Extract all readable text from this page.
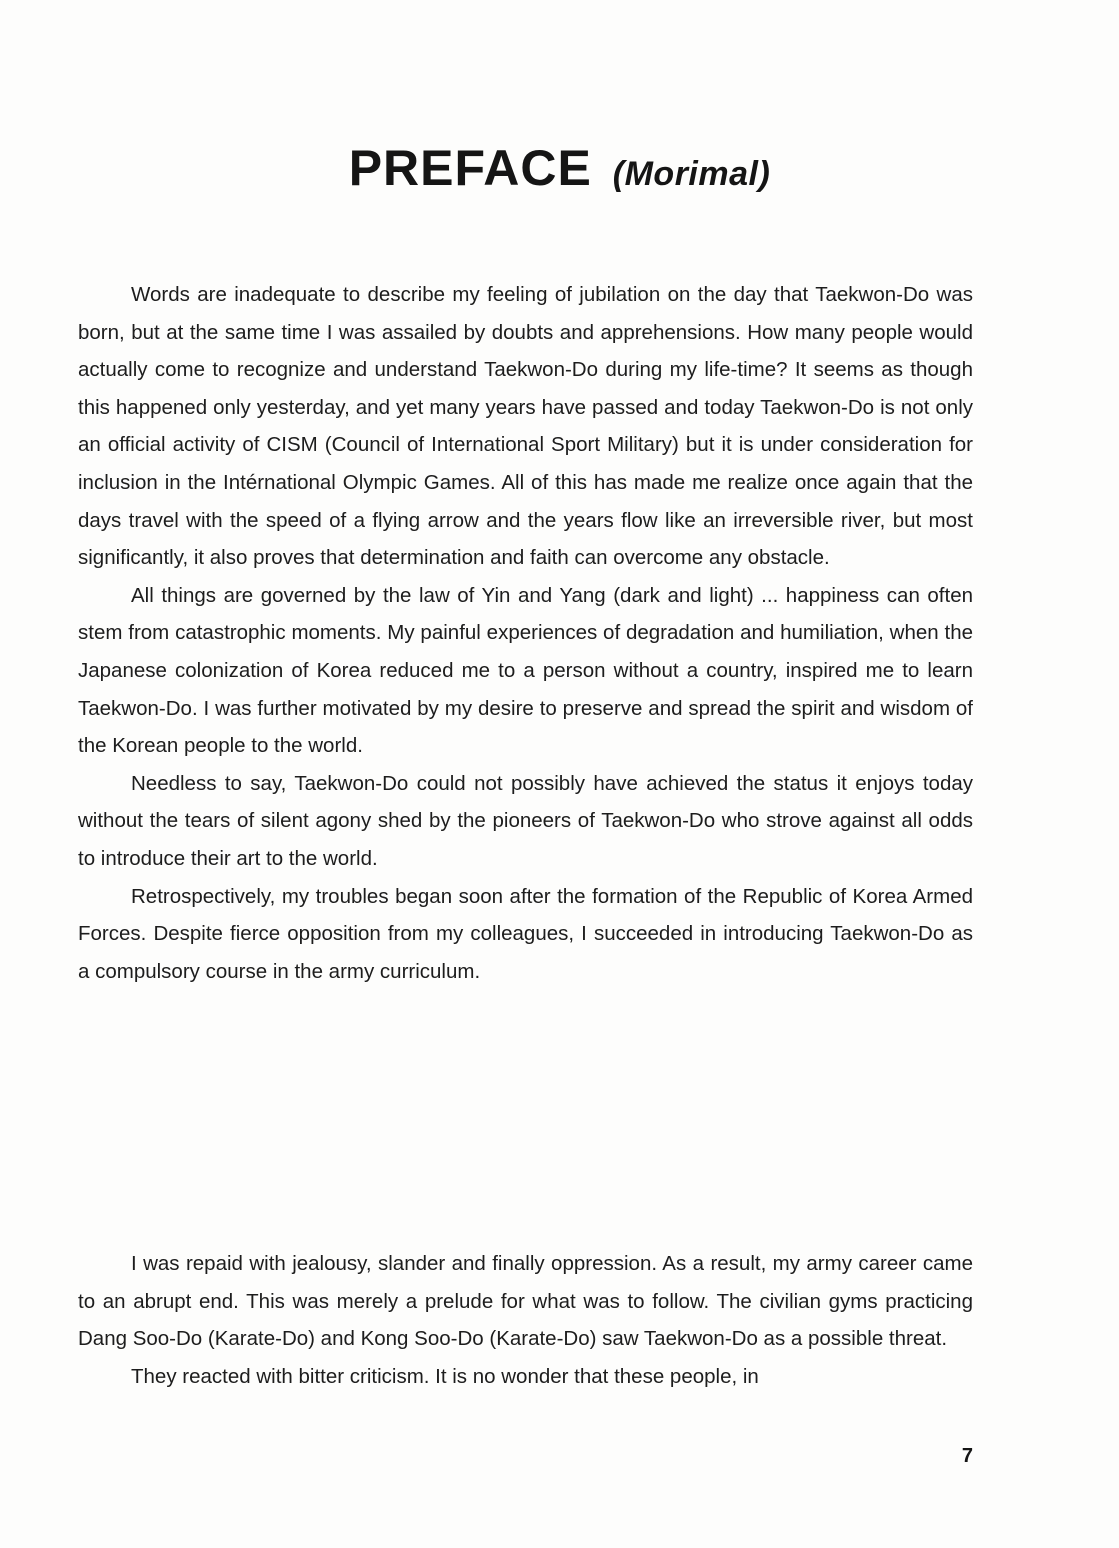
PREFACE (Morimal)

Words are inadequate to describe my feeling of jubilation on the day that Taekwon-Do was born, but at the same time I was assailed by doubts and apprehensions. How many people would actually come to recognize and understand Taekwon-Do during my life-time? It seems as though this happened only yesterday, and yet many years have passed and today Taekwon-Do is not only an official activity of CISM (Council of International Sport Military) but it is under consideration for inclusion in the Intérnational Olympic Games. All of this has made me realize once again that the days travel with the speed of a flying arrow and the years flow like an irreversible river, but most significantly, it also proves that determination and faith can overcome any obstacle.

All things are governed by the law of Yin and Yang (dark and light) ... happiness can often stem from catastrophic moments. My painful experiences of degradation and humiliation, when the Japanese colonization of Korea reduced me to a person without a country, inspired me to learn Taekwon-Do. I was further motivated by my desire to preserve and spread the spirit and wisdom of the Korean people to the world.

Needless to say, Taekwon-Do could not possibly have achieved the status it enjoys today without the tears of silent agony shed by the pioneers of Taekwon-Do who strove against all odds to introduce their art to the world.

Retrospectively, my troubles began soon after the formation of the Republic of Korea Armed Forces. Despite fierce opposition from my colleagues, I succeeded in introducing Taekwon-Do as a compulsory course in the army curriculum.

I was repaid with jealousy, slander and finally oppression. As a result, my army career came to an abrupt end. This was merely a prelude for what was to follow. The civilian gyms practicing Dang Soo-Do (Karate-Do) and Kong Soo-Do (Karate-Do) saw Taekwon-Do as a possible threat.

They reacted with bitter criticism. It is no wonder that these people, in

7
